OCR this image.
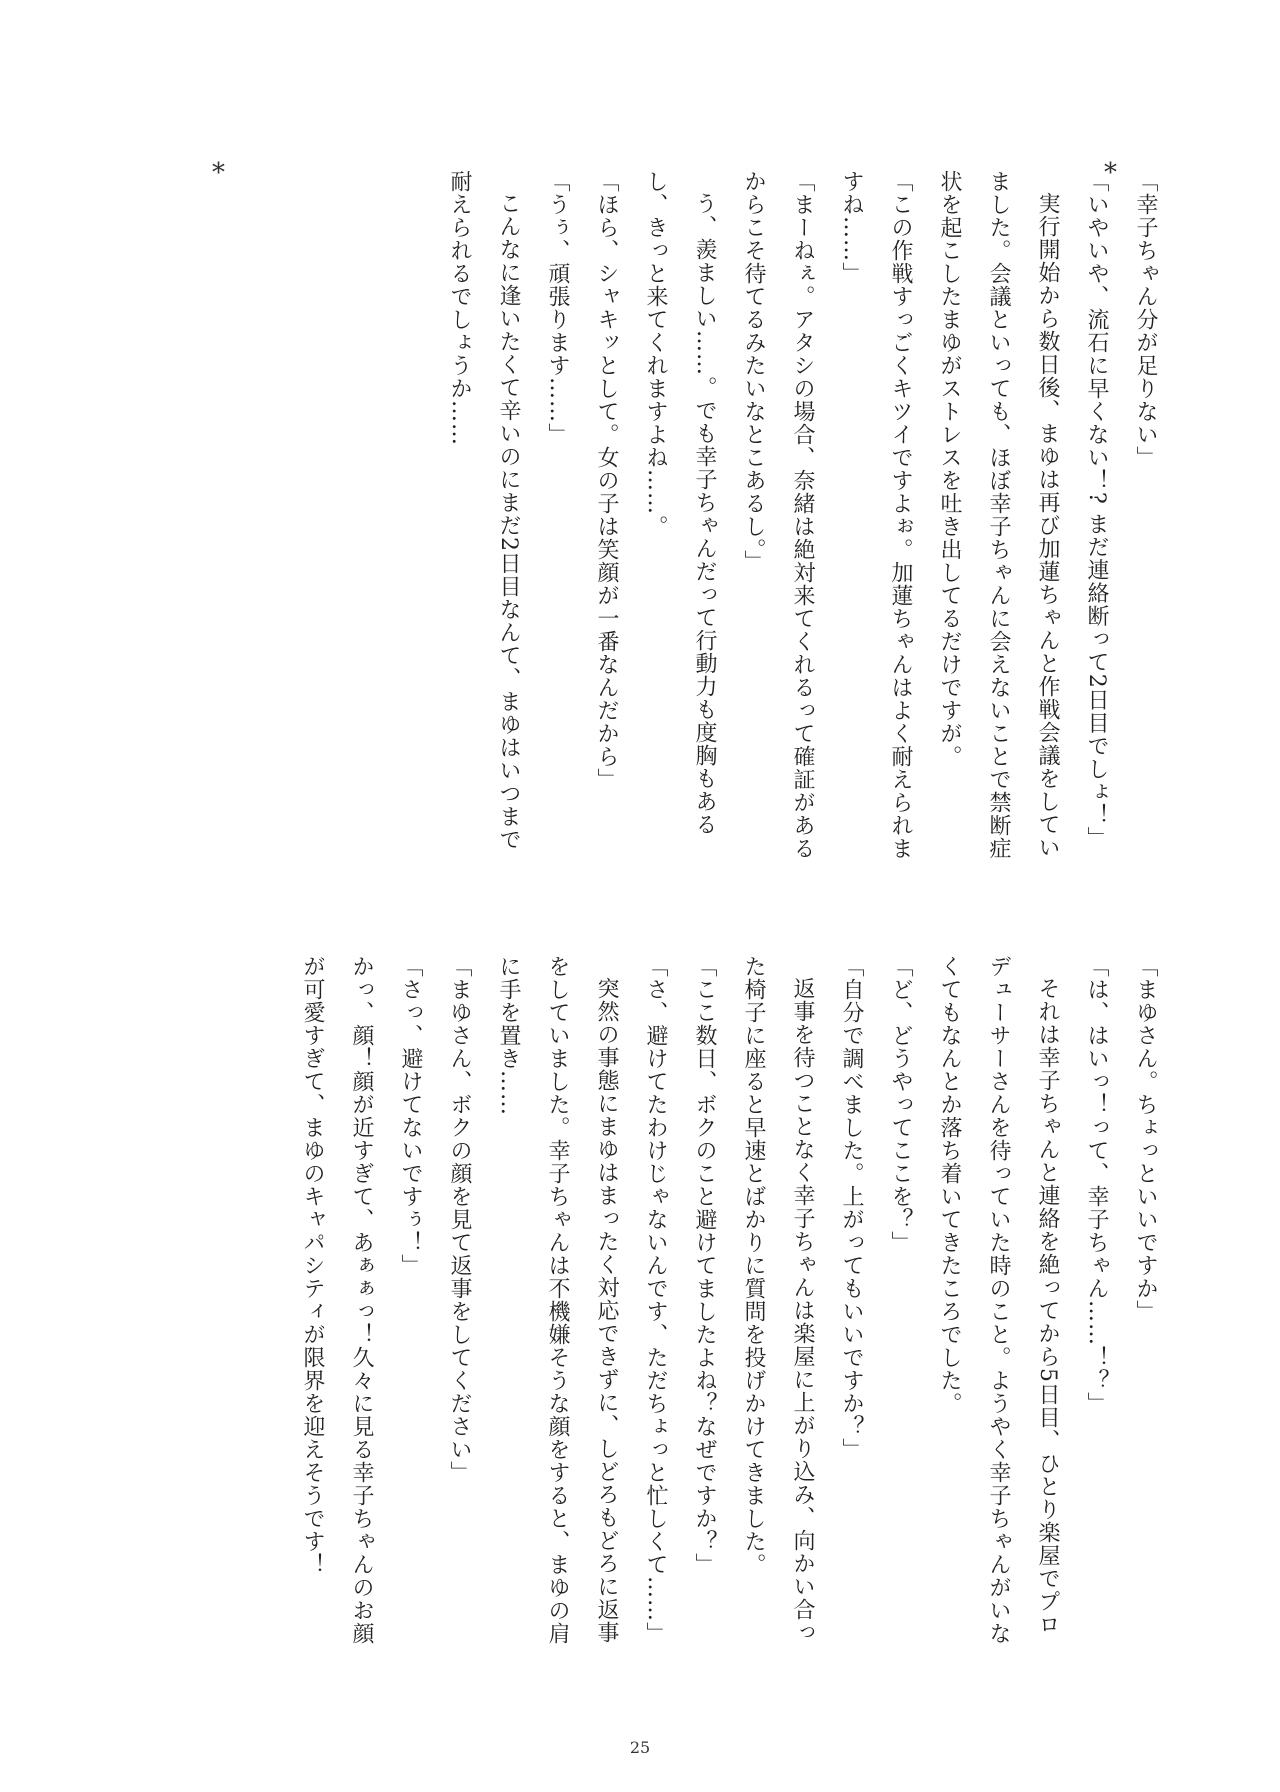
*
*	「幸子ちゃん分が足りない」

「いやいや、流石に早くない！? まだ連絡断って2日目でしょ！」

実行開始から数日後、まゆは再び加蓮ちゃんと作戦会議をしていました。会議といっても、ほぼ幸子ちゃんに会えないことで禁断症状を起こしたまゆがストレスを吐き出してるだけですが。

「この作戦すっごくキツイですよぉ。加蓮ちゃんはよく耐えられますね……」

「まーねぇ。アタシの場合、奈緒は絶対来てくれるって確証があるからこそ待てるみたいなとこあるし。」

う、羨ましい……。でも幸子ちゃんだって行動力も度胸もあるし、きっと来てくれますよね……。

「ほら、シャキッとして。女の子は笑顔が一番なんだから」

「うぅ、頑張ります……」

こんなに逢いたくて辛いのにまだ2日目なんて、まゆはいつまで耐えられるでしょうか……

「まゆさん。ちょっといいですか」

「は、はいっ！って、幸子ちゃん……！？」

それは幸子ちゃんと連絡を絶ってから5日目、ひとり楽屋でプロデューサーさんを待っていた時のこと。ようやく幸子ちゃんがいなくてもなんとか落ち着いてきたころでした。

「ど、どうやってここを？」

「自分で調べました。上がってもいいですか？」

返事を待つことなく幸子ちゃんは楽屋に上がり込み、向かい合った椅子に座ると早速とばかりに質問を投げかけてきました。

「ここ数日、ボクのこと避けてましたよね？なぜですか？」

「さ、避けてたわけじゃないんです、ただちょっと忙しくて……」

突然の事態にまゆはまったく対応できずに、しどろもどろに返事をしていました。幸子ちゃんは不機嫌そうな顔をすると、まゆの肩に手を置き……

「まゆさん、ボクの顔を見て返事をしてください」

「さっ、避けてないですぅ！」

かっ、顔！顔が近すぎて、あぁぁっ！久々に見る幸子ちゃんのお顔が可愛すぎて、まゆのキャパシティが限界を迎えそうです！

25
